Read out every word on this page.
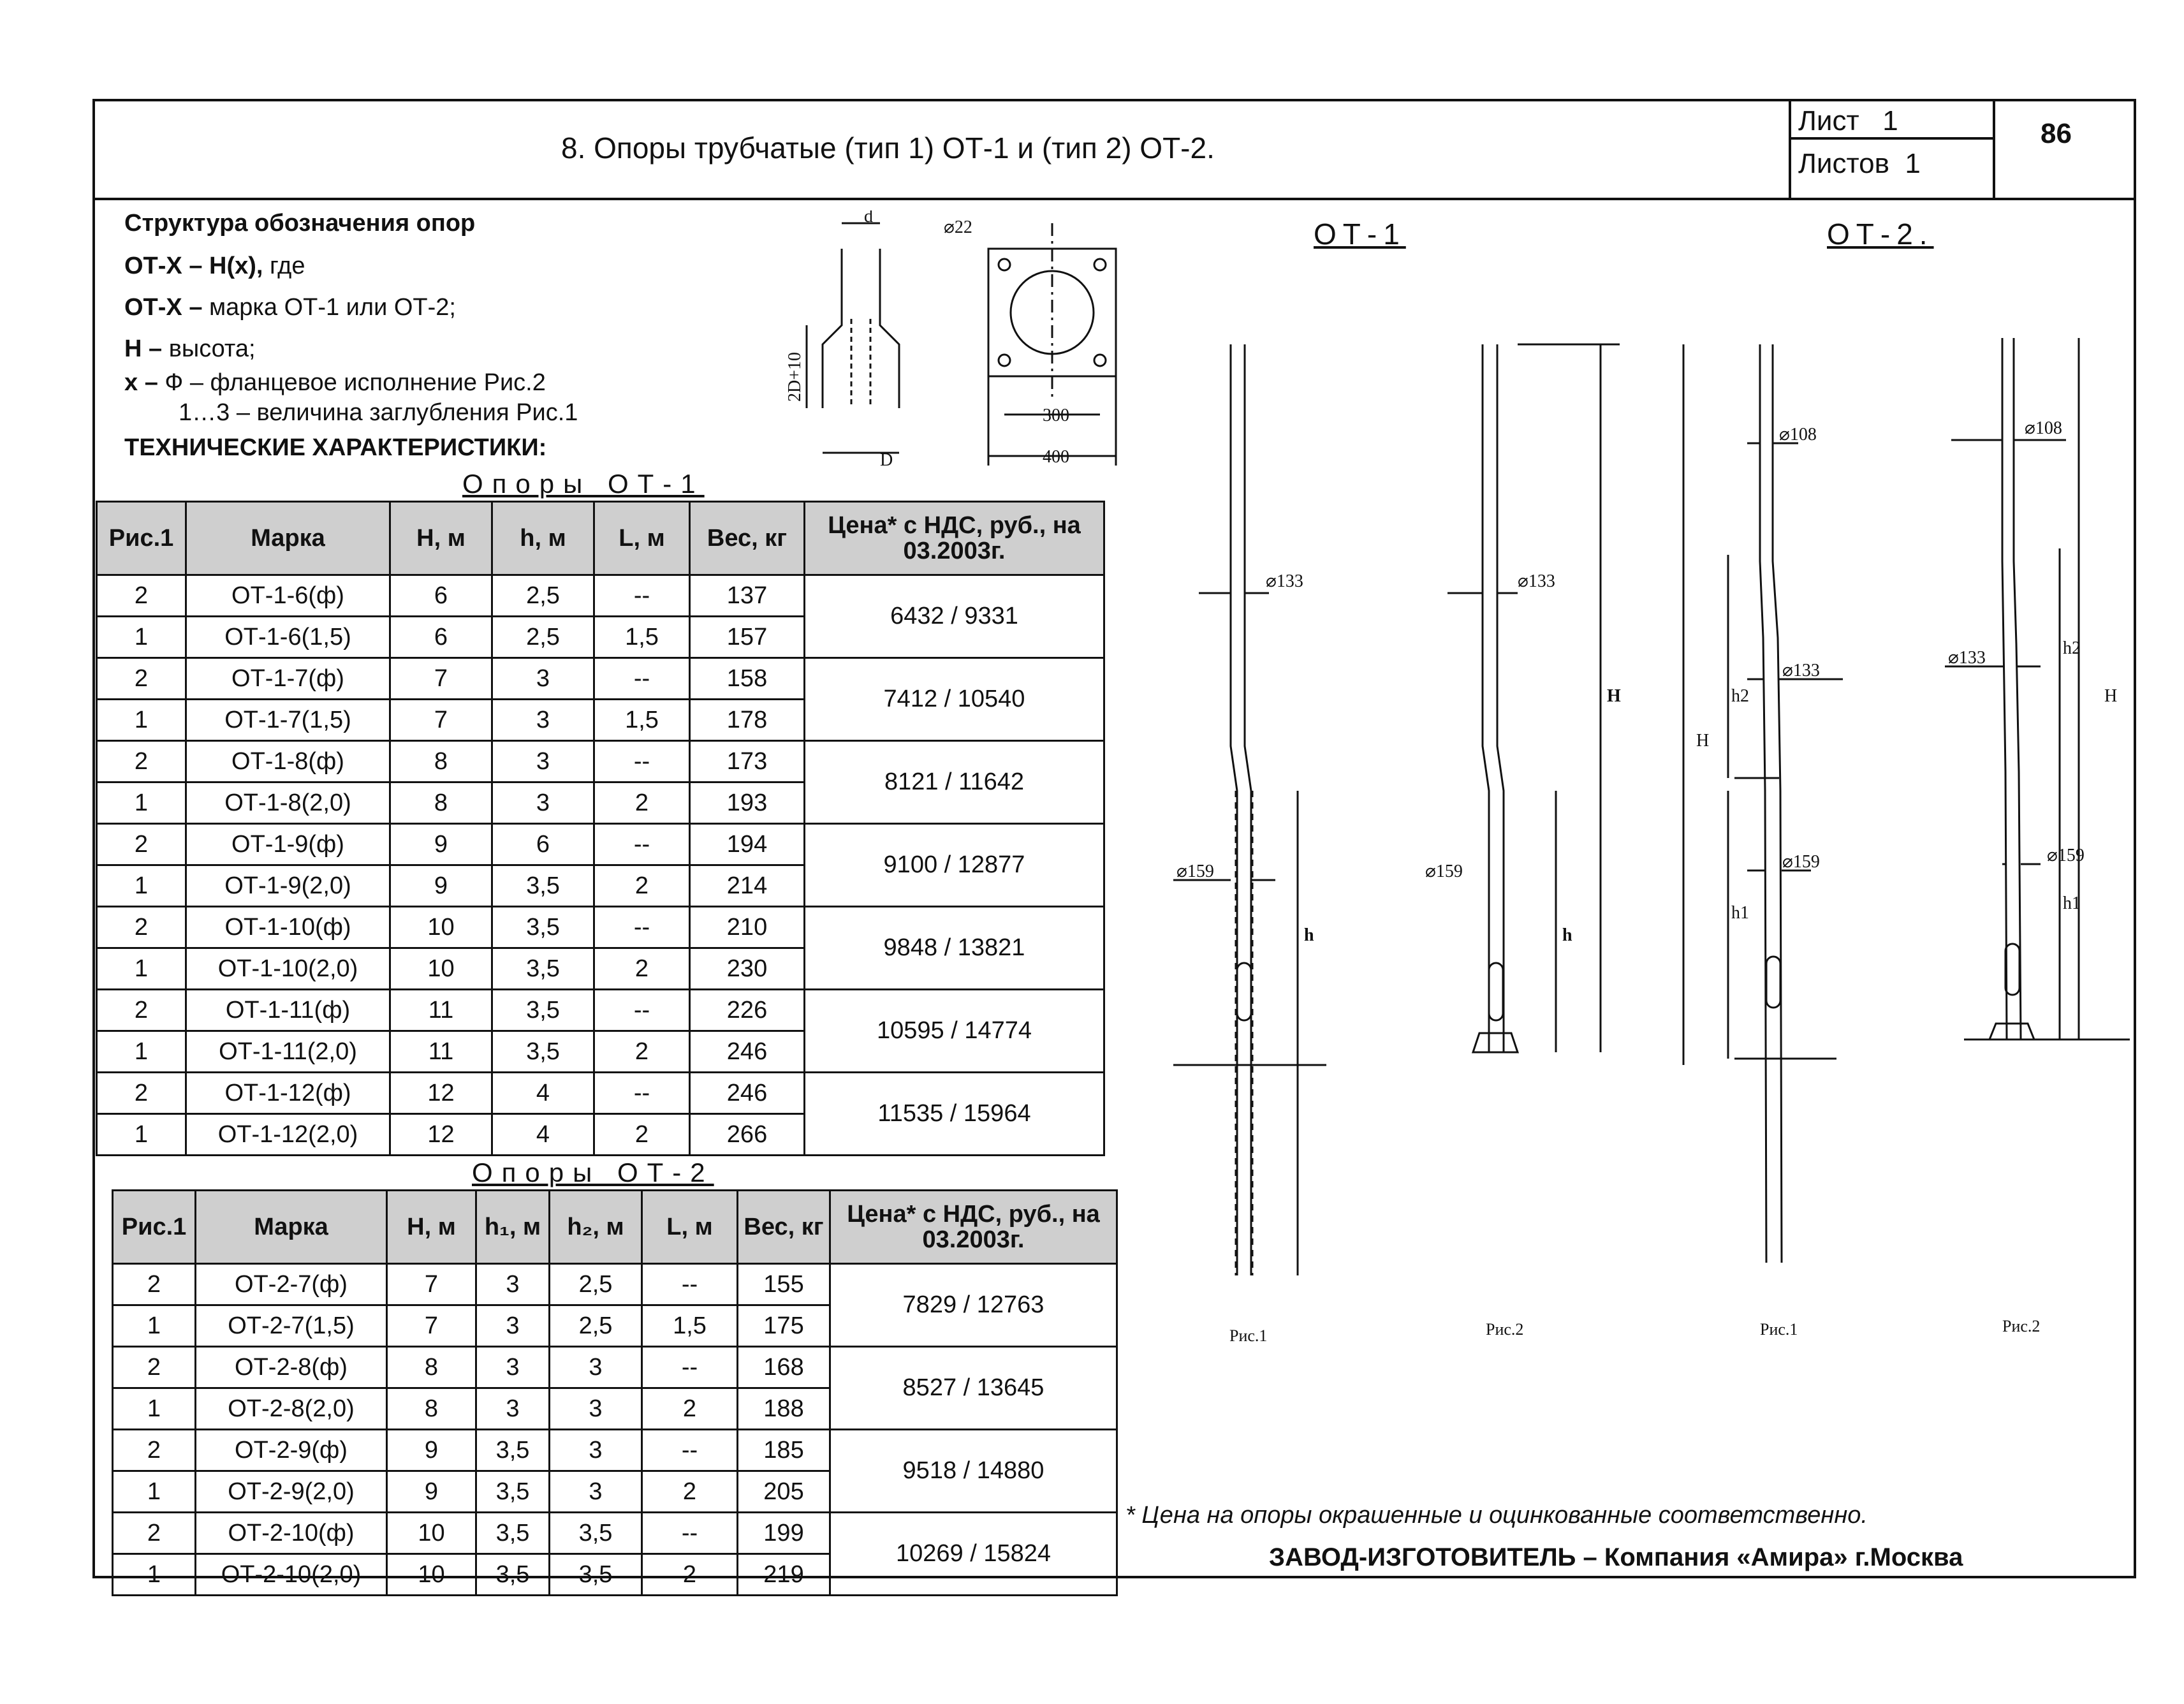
8. Опоры трубчатые (тип 1) ОТ-1 и (тип 2) ОТ-2.
Лист 1
Листов 1
86
Структура обозначения опор
ОТ-Х – Н(х), где
ОТ-Х – марка ОТ-1 или ОТ-2;
Н – высота;
х – Ф – фланцевое исполнение Рис.2
1…3 – величина заглубления Рис.1
ТЕХНИЧЕСКИЕ ХАРАКТЕРИСТИКИ:
d
D
2D+10
⌀22
300
400
Опоры ОТ-1
Рис.1	Марка	Н, м	h, м	L, м	Вес, кг	Цена* с НДС, руб., на 03.2003г.
2	ОТ-1-6(ф)	6	2,5	--	137	6432 / 9331
1	ОТ-1-6(1,5)	6	2,5	1,5	157	
2	ОТ-1-7(ф)	7	3	--	158	7412 / 10540
1	ОТ-1-7(1,5)	7	3	1,5	178	
2	ОТ-1-8(ф)	8	3	--	173	8121 / 11642
1	ОТ-1-8(2,0)	8	3	2	193	
2	ОТ-1-9(ф)	9	6	--	194	9100 / 12877
1	ОТ-1-9(2,0)	9	3,5	2	214	
2	ОТ-1-10(ф)	10	3,5	--	210	9848 / 13821
1	ОТ-1-10(2,0)	10	3,5	2	230	
2	ОТ-1-11(ф)	11	3,5	--	226	10595 / 14774
1	ОТ-1-11(2,0)	11	3,5	2	246	
2	ОТ-1-12(ф)	12	4	--	246	11535 / 15964
1	ОТ-1-12(2,0)	12	4	2	266	
Опоры ОТ-2
Рис.1	Марка	Н, м	h₁, м	h₂, м	L, м	Вес, кг	Цена* с НДС, руб., на 03.2003г.
2	ОТ-2-7(ф)	7	3	2,5	--	155	7829 / 12763
1	ОТ-2-7(1,5)	7	3	2,5	1,5	175	
2	ОТ-2-8(ф)	8	3	3	--	168	8527 / 13645
1	ОТ-2-8(2,0)	8	3	3	2	188	
2	ОТ-2-9(ф)	9	3,5	3	--	185	9518 / 14880
1	ОТ-2-9(2,0)	9	3,5	3	2	205	
2	ОТ-2-10(ф)	10	3,5	3,5	--	199	10269 / 15824
1	ОТ-2-10(2,0)	10	3,5	3,5	2	219	
ОТ-1	ОТ-2.
⌀133
⌀159
h
⌀133
⌀159
H
h
⌀108
⌀133
⌀159
h2
H
h1
⌀108
⌀133
⌀159
h2
H
h1
Рис.1	Рис.2	Рис.1	Рис.2
* Цена на опоры окрашенные и оцинкованные соответственно.
ЗАВОД-ИЗГОТОВИТЕЛЬ – Компания «Амира» г.Москва
